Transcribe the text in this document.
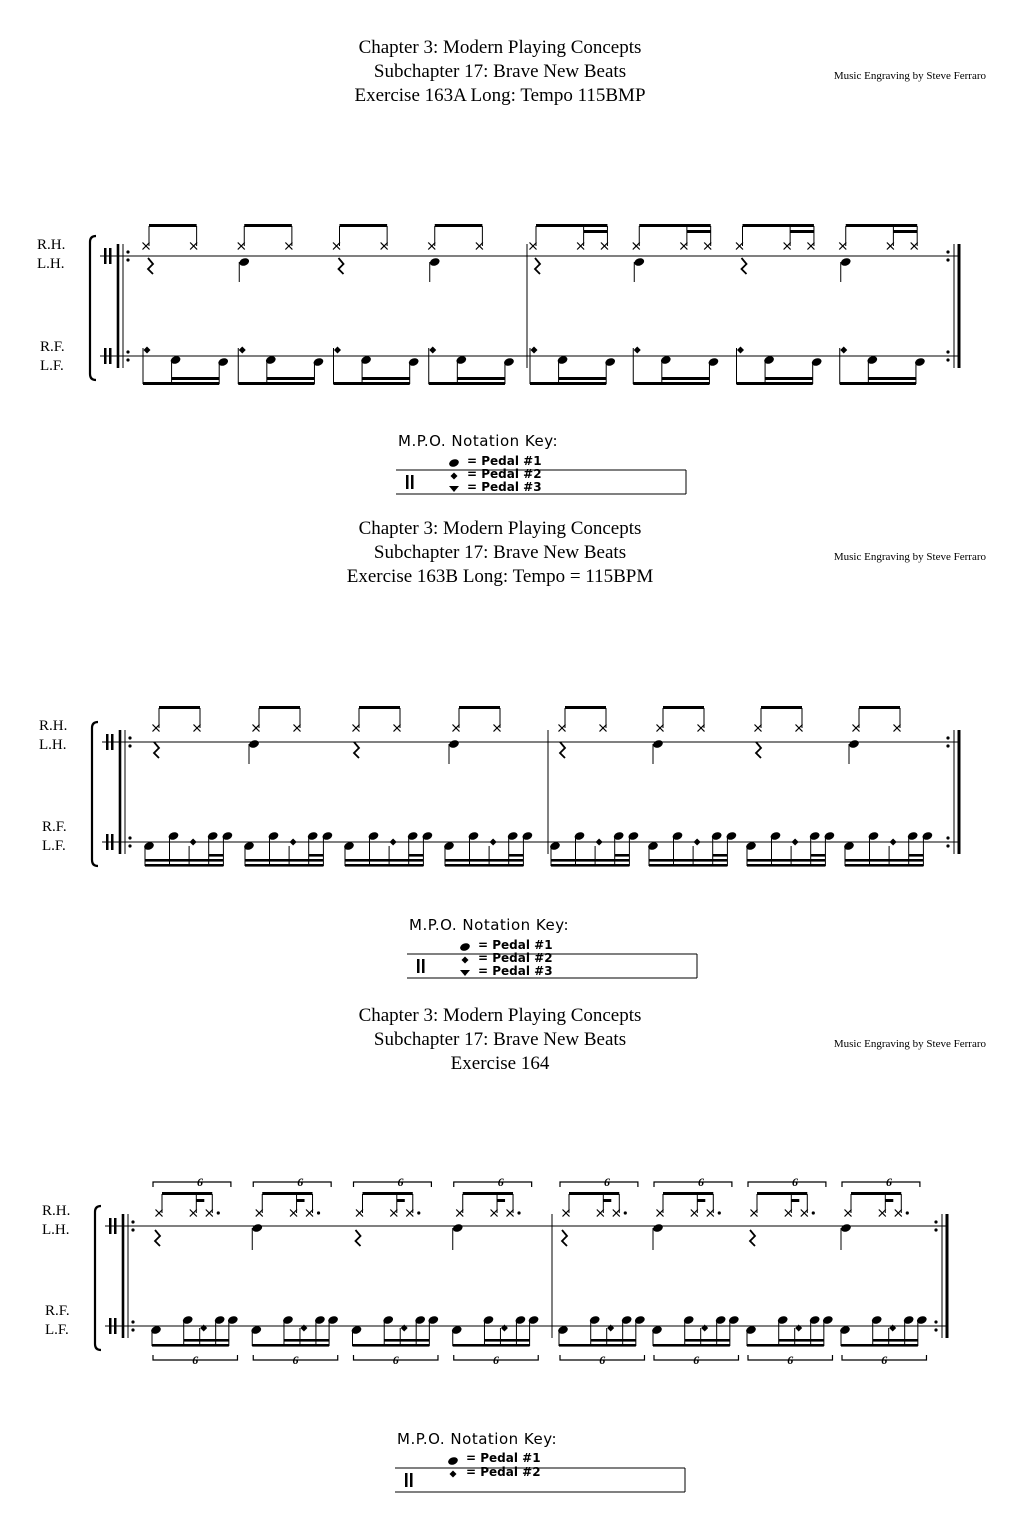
Chapter 3: Modern Playing Concepts
Subchapter 17: Brave New Beats
Exercise 163A Long: Tempo 115BMP
Music Engraving by Steve Ferraro
R.H.
L.H.
R.F.
L.F.
M.P.O. Notation Key:
= Pedal #1
= Pedal #2
= Pedal #3
Chapter 3: Modern Playing Concepts
Subchapter 17: Brave New Beats
Exercise 163B Long: Tempo = 115BPM
Music Engraving by Steve Ferraro
R.H.
L.H.
R.F.
L.F.
M.P.O. Notation Key:
= Pedal #1
= Pedal #2
= Pedal #3
Chapter 3: Modern Playing Concepts
Subchapter 17: Brave New Beats
Exercise 164
Music Engraving by Steve Ferraro
R.H.
L.H.
R.F.
L.F.
6
6
6
6
6
6
6
6
6
6
6
6
6
6
6
6
M.P.O. Notation Key:
= Pedal #1
= Pedal #2
